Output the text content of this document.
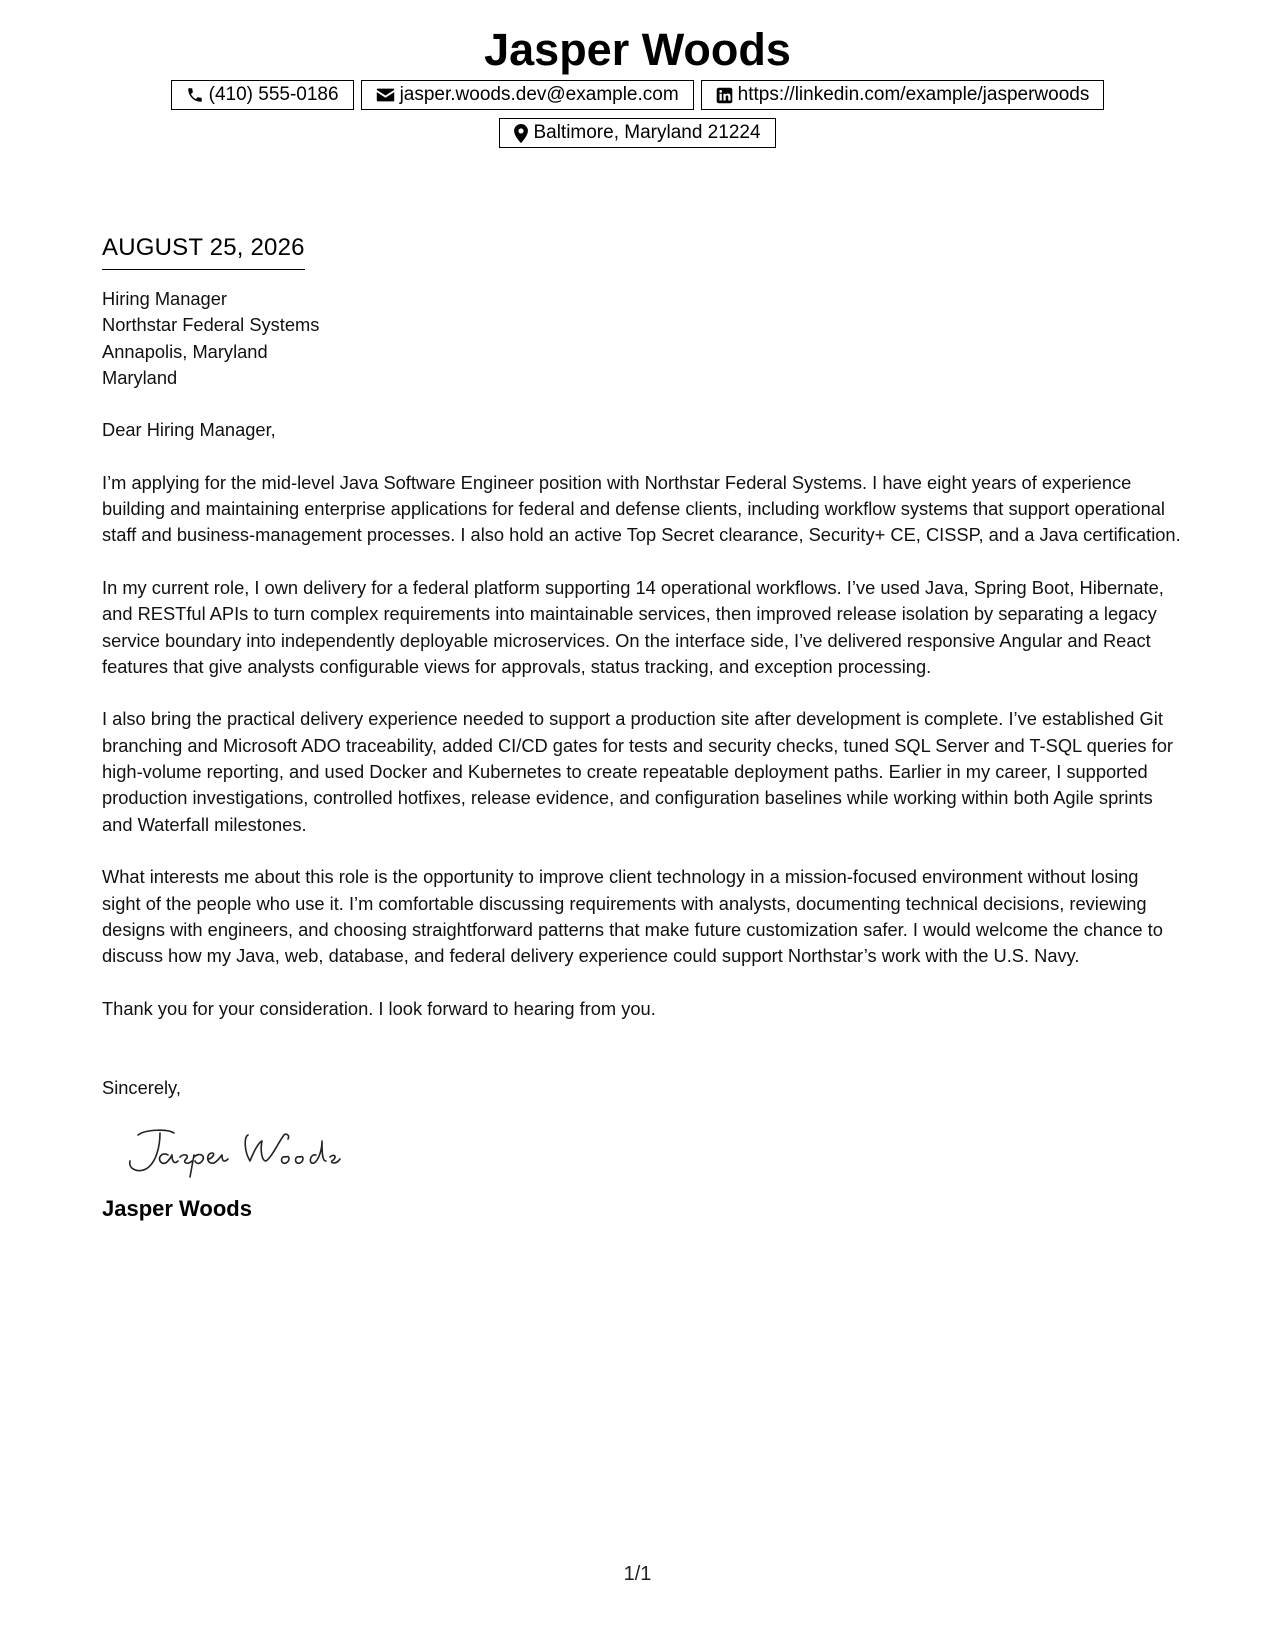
Jasper Woods
(410) 555-0186	jasper.woods.dev@example.com	https://linkedin.com/example/jasperwoods
Baltimore, Maryland 21224
AUGUST 25, 2026
Hiring Manager
Northstar Federal Systems
Annapolis, Maryland
Maryland

Dear Hiring Manager,

I’m applying for the mid-level Java Software Engineer position with Northstar Federal Systems. I have eight years of experience building and maintaining enterprise applications for federal and defense clients, including workflow systems that support operational staff and business-management processes. I also hold an active Top Secret clearance, Security+ CE, CISSP, and a Java certification.

In my current role, I own delivery for a federal platform supporting 14 operational workflows. I’ve used Java, Spring Boot, Hibernate, and RESTful APIs to turn complex requirements into maintainable services, then improved release isolation by separating a legacy service boundary into independently deployable microservices. On the interface side, I’ve delivered responsive Angular and React features that give analysts configurable views for approvals, status tracking, and exception processing.

I also bring the practical delivery experience needed to support a production site after development is complete. I’ve established Git branching and Microsoft ADO traceability, added CI/CD gates for tests and security checks, tuned SQL Server and T-SQL queries for high-volume reporting, and used Docker and Kubernetes to create repeatable deployment paths. Earlier in my career, I supported production investigations, controlled hotfixes, release evidence, and configuration baselines while working within both Agile sprints and Waterfall milestones.

What interests me about this role is the opportunity to improve client technology in a mission-focused environment without losing sight of the people who use it. I’m comfortable discussing requirements with analysts, documenting technical decisions, reviewing designs with engineers, and choosing straightforward patterns that make future customization safer. I would welcome the chance to discuss how my Java, web, database, and federal delivery experience could support Northstar’s work with the U.S. Navy.

Thank you for your consideration. I look forward to hearing from you.

Sincerely,

Jasper Woods
1/1
